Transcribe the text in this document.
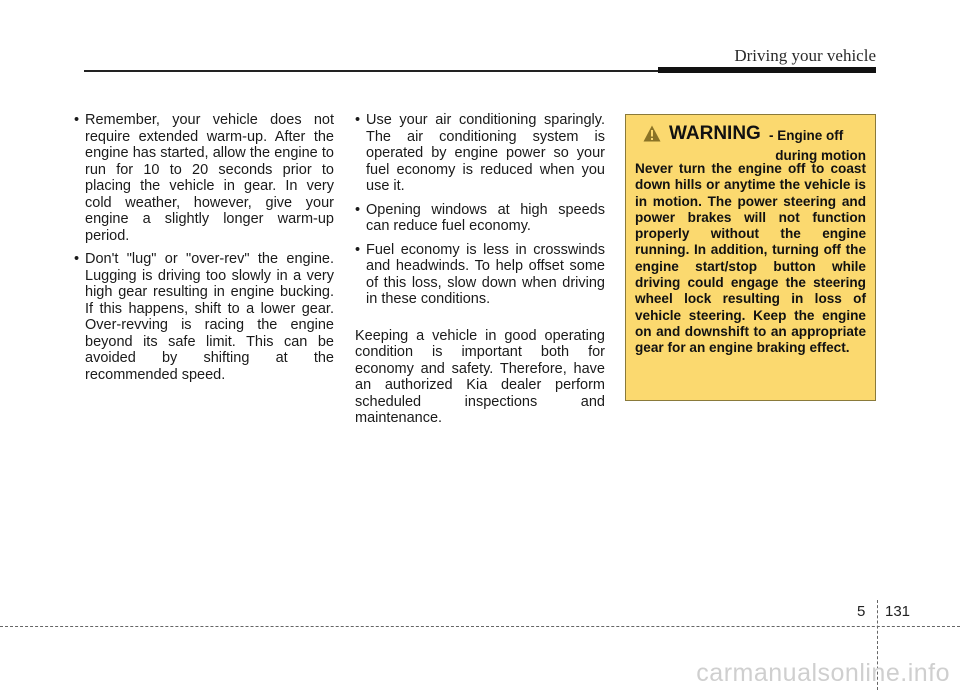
Driving your vehicle
• Remember, your vehicle does not require extended warm-up. After the engine has started, allow the engine to run for 10 to 20 seconds prior to placing the vehicle in gear. In very cold weather, however, give your engine a slightly longer warm-up period.
• Don't "lug" or "over-rev" the engine. Lugging is driving too slowly in a very high gear resulting in engine bucking. If this happens, shift to a lower gear. Over-revving is racing the engine beyond its safe limit. This can be avoided by shifting at the recommended speed.
• Use your air conditioning sparingly. The air conditioning system is operated by engine power so your fuel economy is reduced when you use it.
• Opening windows at high speeds can reduce fuel economy.
• Fuel economy is less in crosswinds and headwinds. To help offset some of this loss, slow down when driving in these conditions.

Keeping a vehicle in good operating condition is important both for economy and safety. Therefore, have an authorized Kia dealer perform scheduled inspections and maintenance.

WARNING - Engine off
during motion
Never turn the engine off to coast down hills or anytime the vehicle is in motion. The power steering and power brakes will not function properly without the engine running. In addition, turning off the engine start/stop button while driving could engage the steering wheel lock resulting in loss of vehicle steering. Keep the engine on and downshift to an appropriate gear for an engine braking effect.
5 131
carmanualsonline.info
